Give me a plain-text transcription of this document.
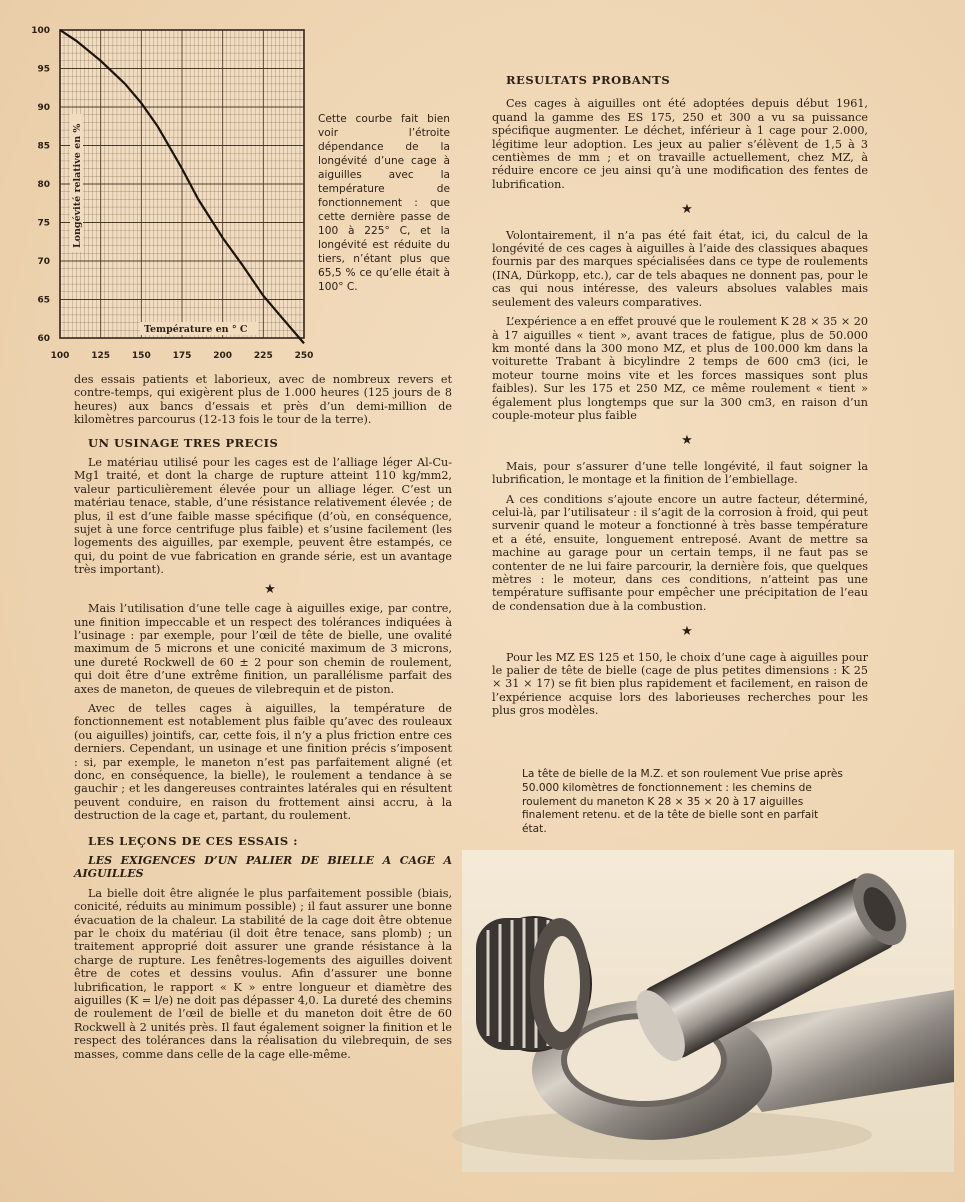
100 125 150 175 200 225 250
100
95
90
85
80
75
70
65
60
Longévité relative en %
Température en ° C
Cette courbe fait bien voir l’étroite dépendance de la longévité d’une cage à aiguilles avec la température de fonctionnement : que cette dernière passe de 100 à 225° C, et la longévité est réduite du tiers, n’étant plus que 65,5 % ce qu’elle était à 100° C.

des essais patients et laborieux, avec de nombreux revers et contre-temps, qui exigèrent plus de 1.000 heures (125 jours de 8 heures) aux bancs d’essais et près d’un demi-million de kilomètres parcourus (12-13 fois le tour de la terre).

UN USINAGE TRES PRECIS

Le matériau utilisé pour les cages est de l’alliage léger Al-Cu-Mg1 traité, et dont la charge de rupture atteint 110 kg/mm2, valeur particulièrement élevée pour un alliage léger. C’est un matériau tenace, stable, d’une résistance relativement élevée ; de plus, il est d’une faible masse spécifique (d’où, en conséquence, sujet à une force centrifuge plus faible) et s’usine facilement (les logements des aiguilles, par exemple, peuvent être estampés, ce qui, du point de vue fabrication en grande série, est un avantage très important).

★

Mais l’utilisation d’une telle cage à aiguilles exige, par contre, une finition impeccable et un respect des tolérances indiquées à l’usinage : par exemple, pour l’œil de tête de bielle, une ovalité maximum de 5 microns et une conicité maximum de 3 microns, une dureté Rockwell de 60 ± 2 pour son chemin de roulement, qui doit être d’une extrême finition, un parallélisme parfait des axes de maneton, de queues de vilebrequin et de piston.

Avec de telles cages à aiguilles, la température de fonctionnement est notablement plus faible qu’avec des rouleaux (ou aiguilles) jointifs, car, cette fois, il n’y a plus friction entre ces derniers. Cependant, un usinage et une finition précis s’imposent : si, par exemple, le maneton n’est pas parfaitement aligné (et donc, en conséquence, la bielle), le roulement a tendance à se gauchir ; et les dangereuses contraintes latérales qui en résultent peuvent conduire, en raison du frottement ainsi accru, à la destruction de la cage et, partant, du roulement.

LES LEÇONS DE CES ESSAIS :

LES EXIGENCES D’UN PALIER DE BIELLE A CAGE A AIGUILLES

La bielle doit être alignée le plus parfaitement possible (biais, conicité, réduits au minimum possible) ; il faut assurer une bonne évacuation de la chaleur. La stabilité de la cage doit être obtenue par le choix du matériau (il doit être tenace, sans plomb) ; un traitement approprié doit assurer une grande résistance à la charge de rupture. Les fenêtres-logements des aiguilles doivent être de cotes et dessins voulus. Afin d’assurer une bonne lubrification, le rapport « K » entre longueur et diamètre des aiguilles (K = l/e) ne doit pas dépasser 4,0. La dureté des chemins de roulement de l’œil de bielle et du maneton doit être de 60 Rockwell à 2 unités près. Il faut également soigner la finition et le respect des tolérances dans la réalisation du vilebrequin, de ses masses, comme dans celle de la cage elle-même.

RESULTATS PROBANTS

Ces cages à aiguilles ont été adoptées depuis début 1961, quand la gamme des ES 175, 250 et 300 a vu sa puissance spécifique augmenter. Le déchet, inférieur à 1 cage pour 2.000, légitime leur adoption. Les jeux au palier s’élèvent de 1,5 à 3 centièmes de mm ; et on travaille actuellement, chez MZ, à réduire encore ce jeu ainsi qu’à une modification des fentes de lubrification.

★

Volontairement, il n’a pas été fait état, ici, du calcul de la longévité de ces cages à aiguilles à l’aide des classiques abaques fournis par des marques spécialisées dans ce type de roulements (INA, Dürkopp, etc.), car de tels abaques ne donnent pas, pour le cas qui nous intéresse, des valeurs absolues valables mais seulement des valeurs comparatives.

L’expérience a en effet prouvé que le roulement K 28 × 35 × 20 à 17 aiguilles « tient », avant traces de fatigue, plus de 50.000 km monté dans la 300 mono MZ, et plus de 100.000 km dans la voiturette Trabant à bicylindre 2 temps de 600 cm3 (ici, le moteur tourne moins vite et les forces massiques sont plus faibles). Sur les 175 et 250 MZ, ce même roulement « tient » également plus longtemps que sur la 300 cm3, en raison d’un couple-moteur plus faible

★

Mais, pour s’assurer d’une telle longévité, il faut soigner la lubrification, le montage et la finition de l’embiellage.

A ces conditions s’ajoute encore un autre facteur, déterminé, celui-là, par l’utilisateur : il s’agit de la corrosion à froid, qui peut survenir quand le moteur a fonctionné à très basse température et a été, ensuite, longuement entreposé. Avant de mettre sa machine au garage pour un certain temps, il ne faut pas se contenter de ne lui faire parcourir, la dernière fois, que quelques mètres : le moteur, dans ces conditions, n’atteint pas une température suffisante pour empêcher une précipitation de l’eau de condensation due à la combustion.

★

Pour les MZ ES 125 et 150, le choix d’une cage à aiguilles pour le palier de tête de bielle (cage de plus petites dimensions : K 25 × 31 × 17) se fit bien plus rapidement et facilement, en raison de l’expérience acquise lors des laborieuses recherches pour les plus gros modèles.

La tête de bielle de la M.Z. et son roulement Vue prise après 50.000 kilomètres de fonctionnement : les chemins de roulement du maneton K 28 × 35 × 20 à 17 aiguilles finalement retenu. et de la tête de bielle sont en parfait état.
